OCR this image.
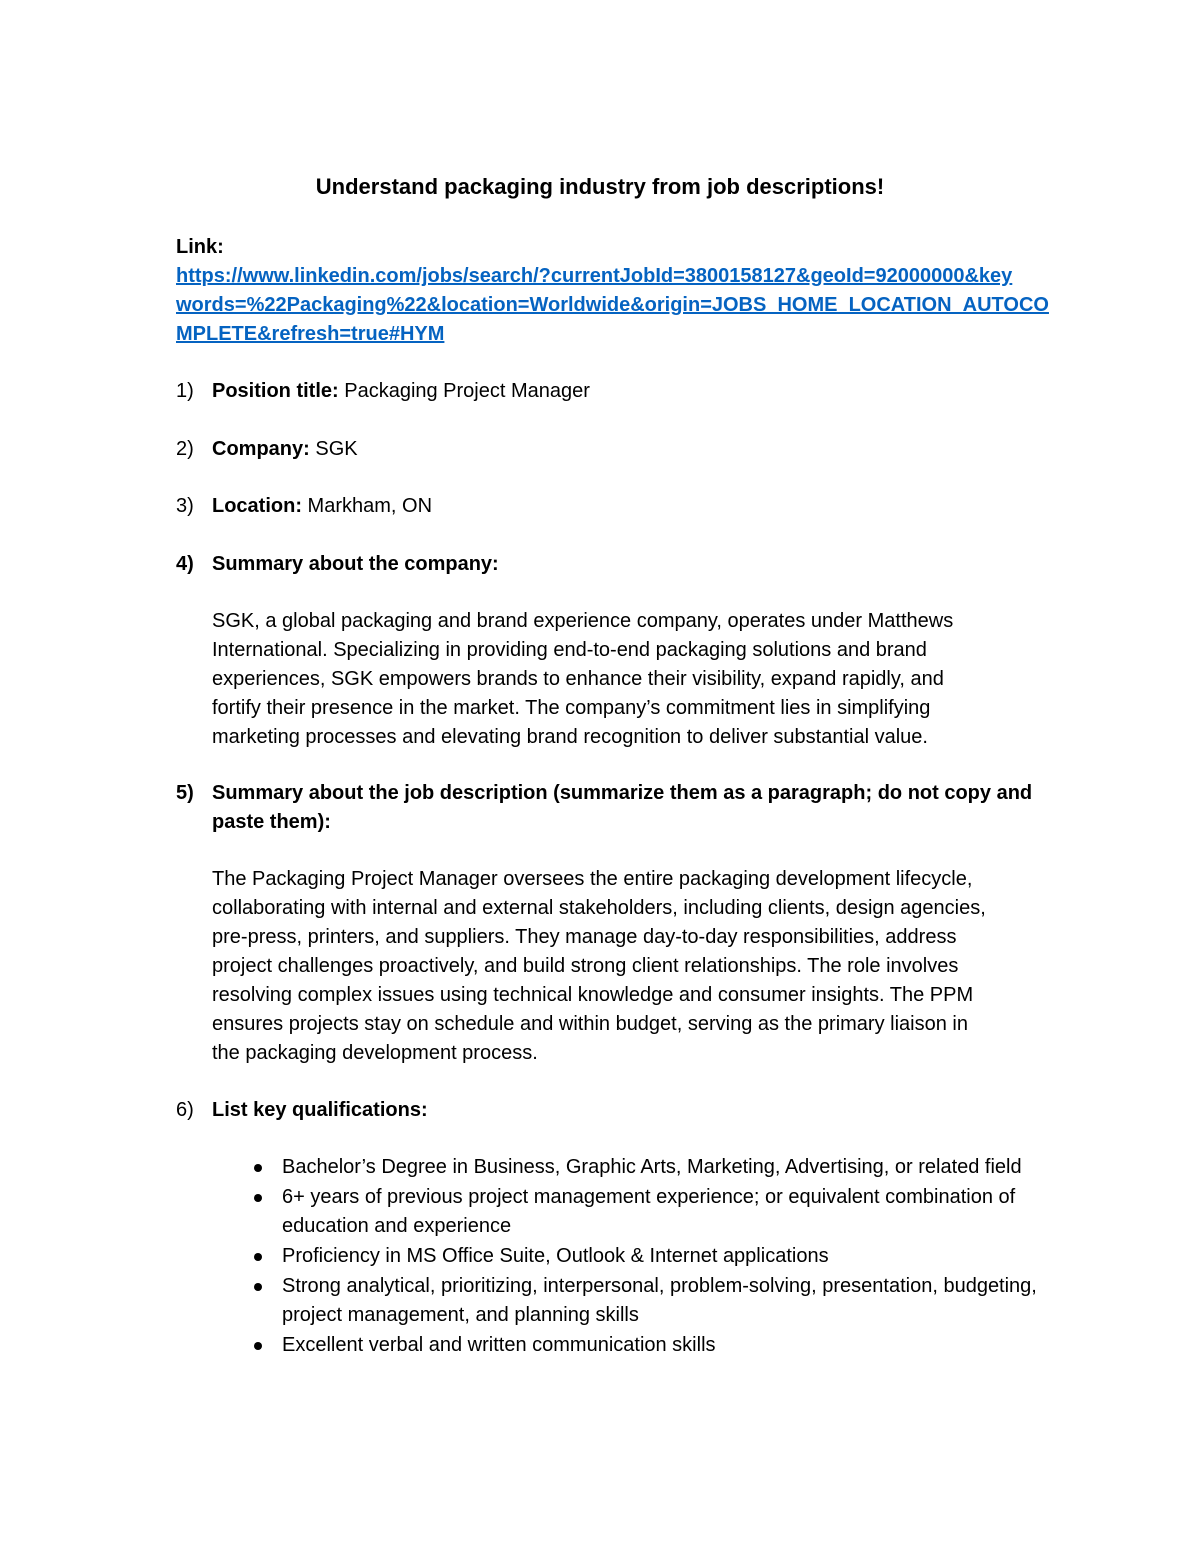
Understand packaging industry from job descriptions!
Link:
https://www.linkedin.com/jobs/search/?currentJobId=3800158127&geoId=92000000&key
words=%22Packaging%22&location=Worldwide&origin=JOBS_HOME_LOCATION_AUTOCO
MPLETE&refresh=true#HYM
1) Position title: Packaging Project Manager
2) Company: SGK
3) Location: Markham, ON
4) Summary about the company:
SGK, a global packaging and brand experience company, operates under Matthews
International. Specializing in providing end-to-end packaging solutions and brand
experiences, SGK empowers brands to enhance their visibility, expand rapidly, and
fortify their presence in the market. The company’s commitment lies in simplifying
marketing processes and elevating brand recognition to deliver substantial value.
5) Summary about the job description (summarize them as a paragraph; do not copy and paste them):
The Packaging Project Manager oversees the entire packaging development lifecycle,
collaborating with internal and external stakeholders, including clients, design agencies,
pre-press, printers, and suppliers. They manage day-to-day responsibilities, address
project challenges proactively, and build strong client relationships. The role involves
resolving complex issues using technical knowledge and consumer insights. The PPM
ensures projects stay on schedule and within budget, serving as the primary liaison in
the packaging development process.
6) List key qualifications:
Bachelor’s Degree in Business, Graphic Arts, Marketing, Advertising, or related field
6+ years of previous project management experience; or equivalent combination of education and experience
Proficiency in MS Office Suite, Outlook & Internet applications
Strong analytical, prioritizing, interpersonal, problem-solving, presentation, budgeting, project management, and planning skills
Excellent verbal and written communication skills
